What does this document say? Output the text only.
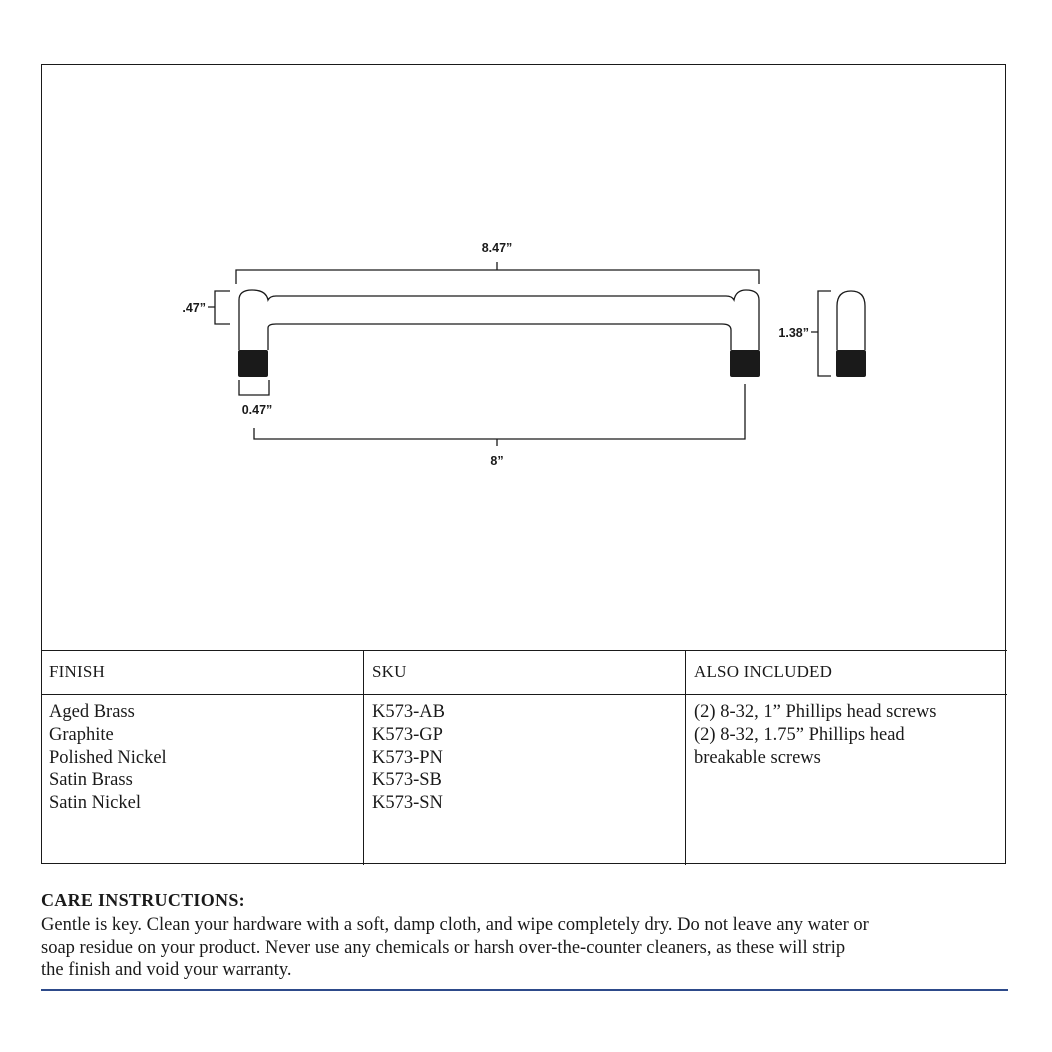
8.47”
.47”
0.47”
8”
1.38”
FINISH
Aged Brass
Graphite
Polished Nickel
Satin Brass
Satin Nickel
SKU
K573-AB
K573-GP
K573-PN
K573-SB
K573-SN
ALSO INCLUDED
(2) 8-32, 1” Phillips head screws
(2) 8-32, 1.75” Phillips head
breakable screws
CARE INSTRUCTIONS:
Gentle is key. Clean your hardware with a soft, damp cloth, and wipe completely dry. Do not leave any water or soap residue on your product. Never use any chemicals or harsh over-the-counter cleaners, as these will strip the finish and void your warranty.
